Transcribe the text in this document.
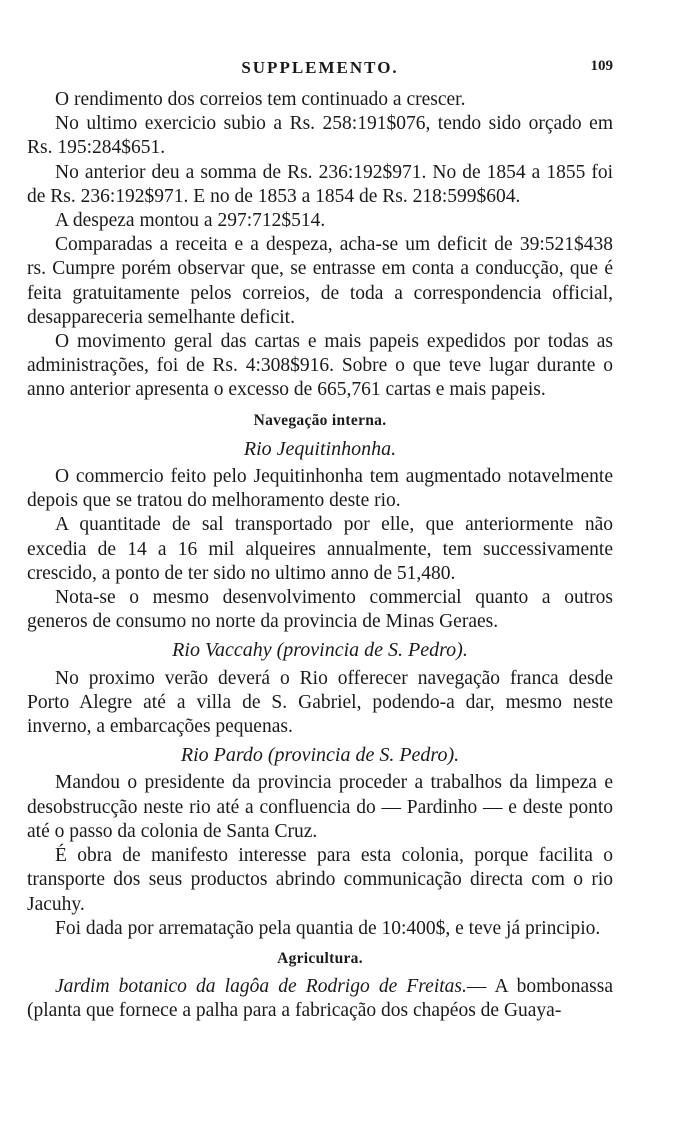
SUPPLEMENTO.	109

O rendimento dos correios tem continuado a crescer.

No ultimo exercicio subio a Rs. 258:191$076, tendo sido orçado em Rs. 195:284$651.

No anterior deu a somma de Rs. 236:192$971. No de 1854 a 1855 foi de Rs. 236:192$971. E no de 1853 a 1854 de Rs. 218:599$604.

A despeza montou a 297:712$514.

Comparadas a receita e a despeza, acha-se um deficit de 39:521$438 rs. Cumpre porém observar que, se entrasse em conta a conducção, que é feita gratuitamente pelos correios, de toda a correspondencia official, desappareceria semelhante deficit.

O movimento geral das cartas e mais papeis expedidos por todas as administrações, foi de Rs. 4:308$916. Sobre o que teve lugar durante o anno anterior apresenta o excesso de 665,761 cartas e mais papeis.

Navegação interna.

Rio Jequitinhonha.

O commercio feito pelo Jequitinhonha tem augmentado notavelmente depois que se tratou do melhoramento deste rio.

A quantitade de sal transportado por elle, que anteriormente não excedia de 14 a 16 mil alqueires annualmente, tem successivamente crescido, a ponto de ter sido no ultimo anno de 51,480.

Nota-se o mesmo desenvolvimento commercial quanto a outros generos de consumo no norte da provincia de Minas Geraes.

Rio Vaccahy (provincia de S. Pedro).

No proximo verão deverá o Rio offerecer navegação franca desde Porto Alegre até a villa de S. Gabriel, podendo-a dar, mesmo neste inverno, a embarcações pequenas.

Rio Pardo (provincia de S. Pedro).

Mandou o presidente da provincia proceder a trabalhos da limpeza e desobstrucção neste rio até a confluencia do — Pardinho — e deste ponto até o passo da colonia de Santa Cruz.

É obra de manifesto interesse para esta colonia, porque facilita o transporte dos seus productos abrindo communicação directa com o rio Jacuhy.

Foi dada por arrematação pela quantia de 10:400$, e teve já principio.

Agricultura.

Jardim botanico da lagôa de Rodrigo de Freitas.— A bombonassa (planta que fornece a palha para a fabricação dos chapéos de Guaya-
